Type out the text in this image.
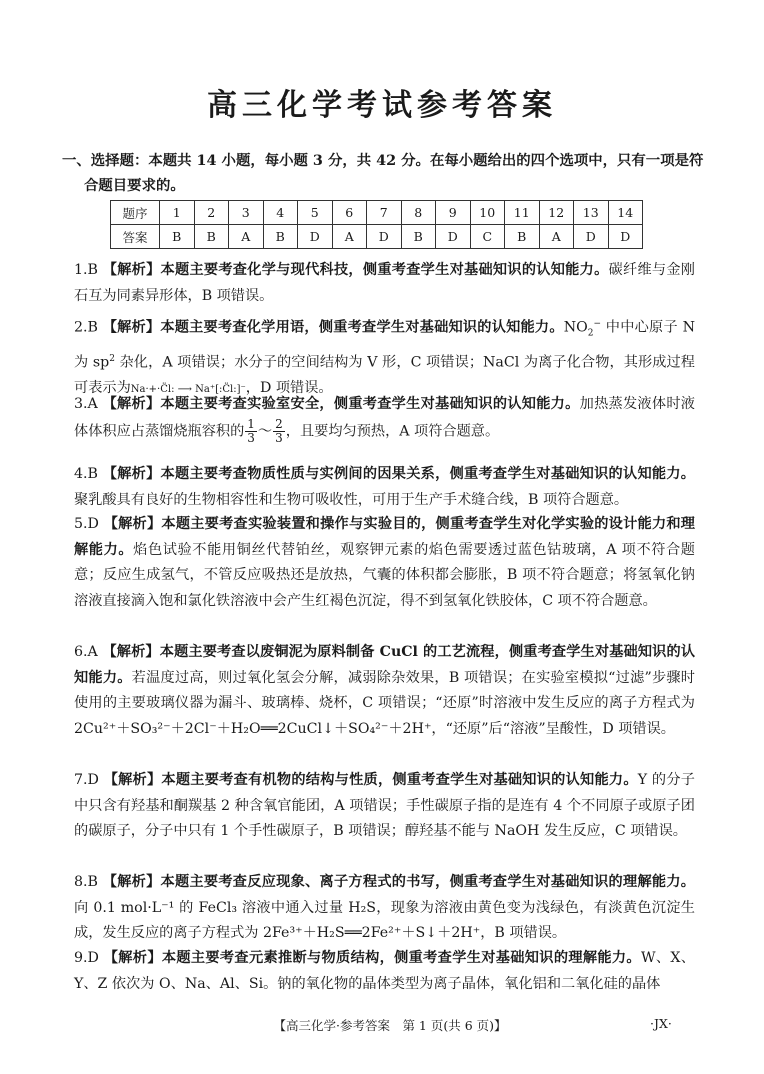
高三化学考试参考答案
一、选择题：本题共 14 小题，每小题 3 分，共 42 分。在每小题给出的四个选项中，只有一项是符
合题目要求的。
题序	1	2	3	4	5	6	7	8	9	10	11	12	13	14
答案	B	B	A	B	D	A	D	B	D	C	B	A	D	D
1.B 【解析】本题主要考查化学与现代科技，侧重考查学生对基础知识的认知能力。碳纤维与金刚石互为同素异形体，B 项错误。
2.B 【解析】本题主要考查化学用语，侧重考查学生对基础知识的认知能力。$NO_2^-$ 中中心原子 N 为 $sp^2$ 杂化，A 项错误；水分子的空间结构为 V 形，C 项错误；NaCl 为离子化合物，其形成过程可表示为Na·+·C̈l: ⟶ Na⁺[:C̈l:]⁻，D 项错误。
3.A 【解析】本题主要考查实验室安全，侧重考查学生对基础知识的认知能力。加热蒸发液体时液体体积应占蒸馏烧瓶容积的 $\frac{1}{3}$ ～ $\frac{2}{3}$ ，且要均匀预热，A 项符合题意。
4.B 【解析】本题主要考查物质性质与实例间的因果关系，侧重考查学生对基础知识的认知能力。聚乳酸具有良好的生物相容性和生物可吸收性，可用于生产手术缝合线，B 项符合题意。
5.D 【解析】本题主要考查实验装置和操作与实验目的，侧重考查学生对化学实验的设计能力和理解能力。焰色试验不能用铜丝代替铂丝，观察钾元素的焰色需要透过蓝色钴玻璃，A 项不符合题意；反应生成氢气，不管反应吸热还是放热，气囊的体积都会膨胀，B 项不符合题意；将氢氧化钠溶液直接滴入饱和氯化铁溶液中会产生红褐色沉淀，得不到氢氧化铁胶体，C 项不符合题意。
6.A 【解析】本题主要考查以废铜泥为原料制备 CuCl 的工艺流程，侧重考查学生对基础知识的认知能力。若温度过高，则过氧化氢会分解，减弱除杂效果，B 项错误；在实验室模拟“过滤”步骤时使用的主要玻璃仪器为漏斗、玻璃棒、烧杯，C 项错误；“还原”时溶液中发生反应的离子方程式为 2Cu²⁺＋SO₃²⁻＋2Cl⁻＋H₂O══2CuCl↓＋SO₄²⁻＋2H⁺，“还原”后“溶液”呈酸性，D 项错误。
7.D 【解析】本题主要考查有机物的结构与性质，侧重考查学生对基础知识的认知能力。Y 的分子中只含有羟基和酮羰基 2 种含氧官能团，A 项错误；手性碳原子指的是连有 4 个不同原子或原子团的碳原子，分子中只有 1 个手性碳原子，B 项错误；醇羟基不能与 NaOH 发生反应，C 项错误。
8.B 【解析】本题主要考查反应现象、离子方程式的书写，侧重考查学生对基础知识的理解能力。向 0.1 mol·L⁻¹ 的 FeCl₃ 溶液中通入过量 H₂S，现象为溶液由黄色变为浅绿色，有淡黄色沉淀生成，发生反应的离子方程式为 2Fe³⁺＋H₂S══2Fe²⁺＋S↓＋2H⁺，B 项错误。
9.D 【解析】本题主要考查元素推断与物质结构，侧重考查学生对基础知识的理解能力。W、X、Y、Z 依次为 O、Na、Al、Si。钠的氧化物的晶体类型为离子晶体，氧化铝和二氧化硅的晶体
【高三化学·参考答案　第 1 页(共 6 页)】	·JX·
